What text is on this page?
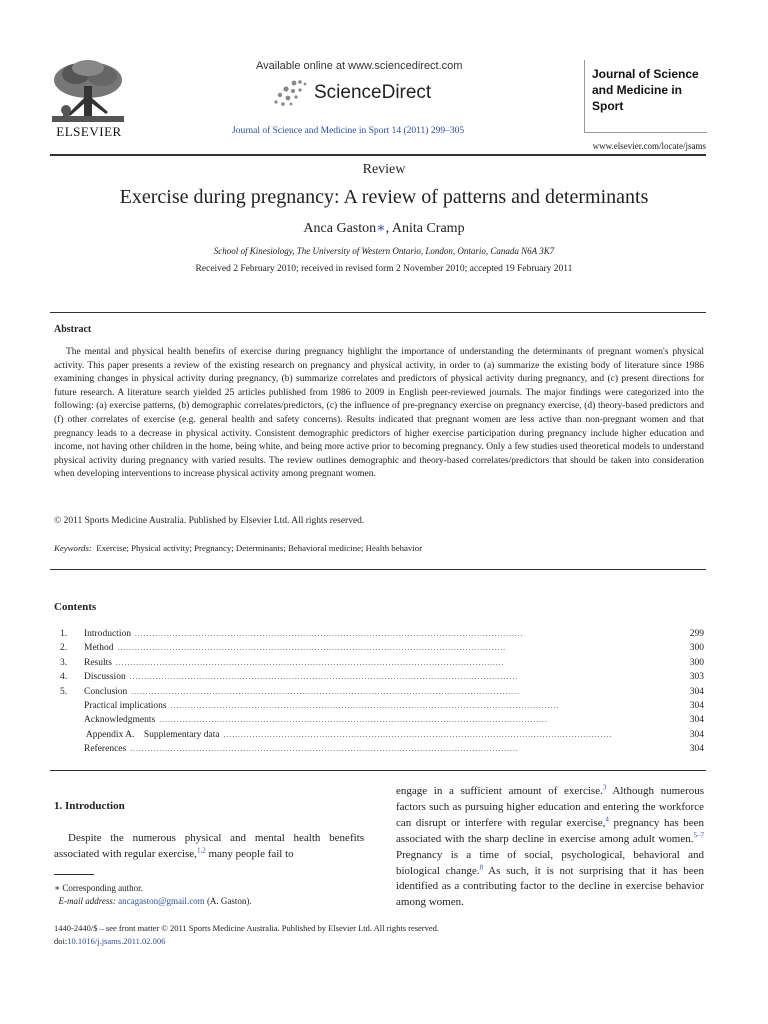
ELSEVIER
Available online at www.sciencedirect.com
ScienceDirect
Journal of Science and Medicine in Sport 14 (2011) 299–305
Journal of Science and Medicine in Sport
www.elsevier.com/locate/jsams
Review
Exercise during pregnancy: A review of patterns and determinants
Anca Gaston∗, Anita Cramp
School of Kinesiology, The University of Western Ontario, London, Ontario, Canada N6A 3K7
Received 2 February 2010; received in revised form 2 November 2010; accepted 19 February 2011
Abstract
The mental and physical health benefits of exercise during pregnancy highlight the importance of understanding the determinants of pregnant women's physical activity. This paper presents a review of the existing research on pregnancy and physical activity, in order to (a) summarize the existing body of literature since 1986 examining changes in physical activity during pregnancy, (b) summarize correlates and predictors of physical activity during pregnancy, and (c) present directions for future research. A literature search yielded 25 articles published from 1986 to 2009 in English peer-reviewed journals. The major findings were categorized into the following: (a) exercise patterns, (b) demographic correlates/predictors, (c) the influence of pre-pregnancy exercise on pregnancy exercise, (d) theory-based predictors and (f) other correlates of exercise (e.g. general health and safety concerns). Results indicated that pregnant women are less active than non-pregnant women and that pregnancy leads to a decrease in physical activity. Consistent demographic predictors of higher exercise participation during pregnancy include higher education and income, not having other children in the home, being white, and being more active prior to becoming pregnancy. Only a few studies used theoretical models to understand physical activity during pregnancy with varied results. The review outlines demographic and theory-based correlates/predictors that should be taken into consideration when developing interventions to increase physical activity among pregnant women.
© 2011 Sports Medicine Australia. Published by Elsevier Ltd. All rights reserved.
Keywords: Exercise; Physical activity; Pregnancy; Determinants; Behavioral medicine; Health behavior
Contents
1.	Introduction . . .	299
2.	Method . . .	300
3.	Results . . .	300
4.	Discussion . . .	303
5.	Conclusion . . .	304
Practical implications . . .	304
Acknowledgments . . .	304
Appendix A.    Supplementary data . . .	304
References . . .	304
1. Introduction
Despite the numerous physical and mental health benefits associated with regular exercise,$^{1,2}$ many people fail to
∗ Corresponding author.
E-mail address: ancagaston@gmail.com (A. Gaston).
engage in a sufficient amount of exercise.$^3$ Although numerous factors such as pursuing higher education and entering the workforce can disrupt or interfere with regular exercise,$^4$ pregnancy has been associated with the sharp decline in exercise among adult women.$^{5-7}$ Pregnancy is a time of social, psychological, behavioral and biological change.$^8$ As such, it is not surprising that it has been identified as a contributing factor to the decline in exercise behavior among women.
1440-2440/$ – see front matter © 2011 Sports Medicine Australia. Published by Elsevier Ltd. All rights reserved.
doi:10.1016/j.jsams.2011.02.006
